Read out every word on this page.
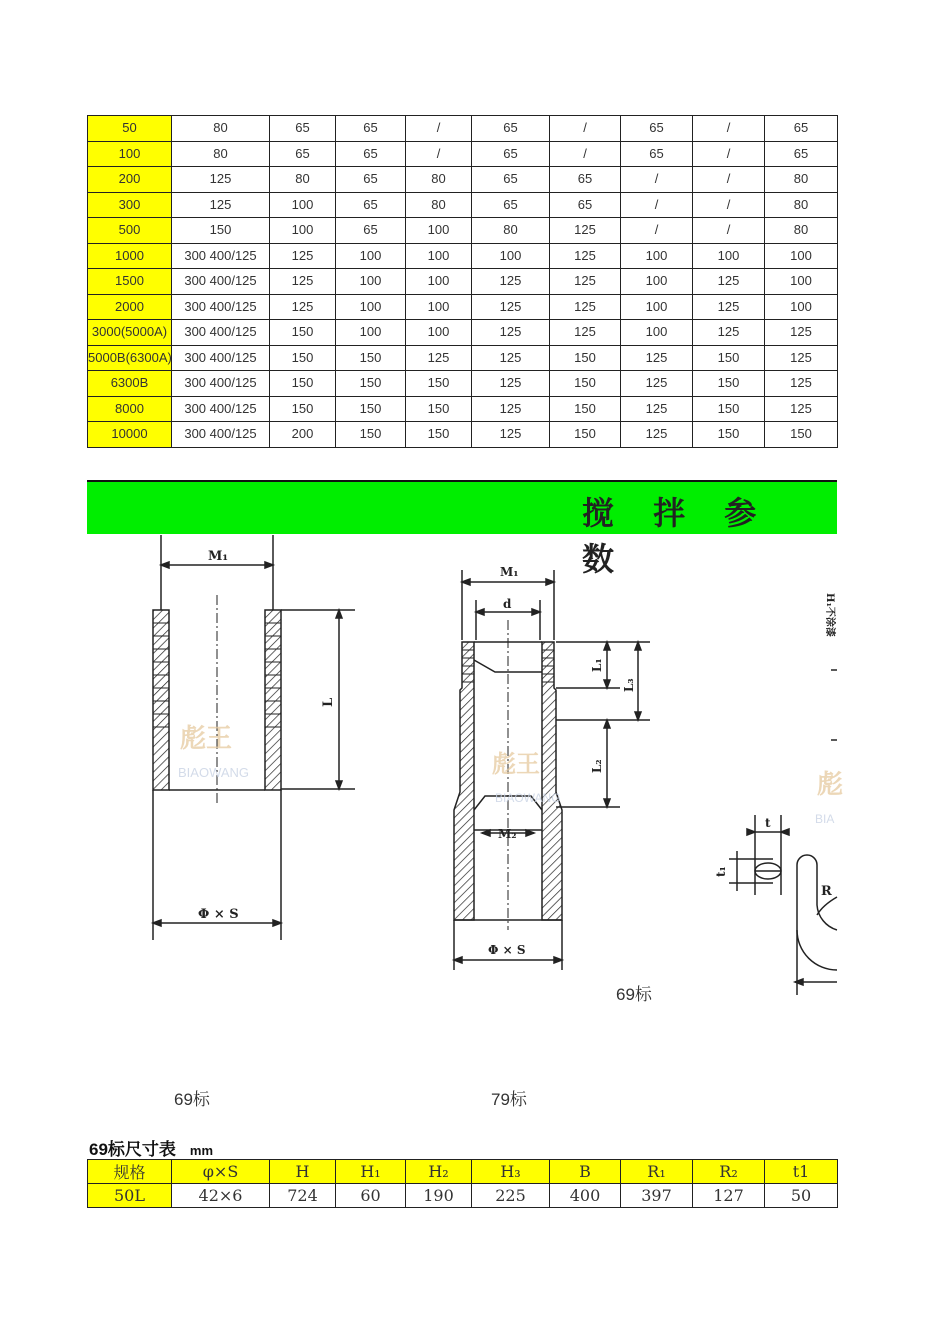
50	80	65	65	/	65	/	65	/	65
100	80	65	65	/	65	/	65	/	65
200	125	80	65	80	65	65	/	/	80
300	125	100	65	80	65	65	/	/	80
500	150	100	65	100	80	125	/	/	80
1000	300 400/125	125	100	100	100	125	100	100	100
1500	300 400/125	125	100	100	125	125	100	125	100
2000	300 400/125	125	100	100	125	125	100	125	100
3000(5000A)	300 400/125	150	100	100	125	125	100	125	125
5000B(6300A)	300 400/125	150	150	125	125	150	125	150	125
6300B	300 400/125	150	150	150	125	150	125	150	125
8000	300 400/125	150	150	150	125	150	125	150	125
10000	300 400/125	200	150	150	125	150	125	150	150
搅 拌 参 数
彪王
BIAOWANG
M₁
L
Φ × S
彪王
BIAOWANG
M₁
d
L₁
L₃
L₂
M₂
Φ × S
H₁不涂漆
t
t₁
R
彪
BIA
69标
69标	79标
69标尺寸表 mm
规格	φ×S	H	H₁	H₂	H₃	B	R₁	R₂	t1
50L	42×6	724	60	190	225	400	397	127	50
